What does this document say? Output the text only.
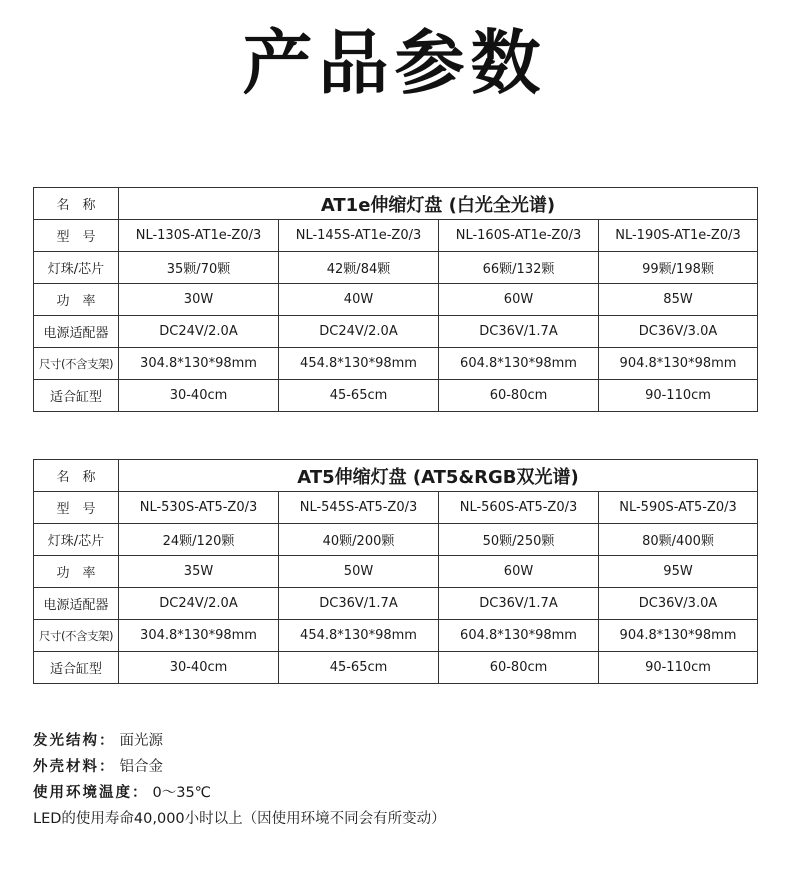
产品参数
名　称	AT1e伸缩灯盘 (白光全光谱)			
型　号	NL-130S-AT1e-Z0/3	NL-145S-AT1e-Z0/3	NL-160S-AT1e-Z0/3	NL-190S-AT1e-Z0/3
灯珠/芯片	35颗/70颗	42颗/84颗	66颗/132颗	99颗/198颗
功　率	30W	40W	60W	85W
电源适配器	DC24V/2.0A	DC24V/2.0A	DC36V/1.7A	DC36V/3.0A
尺寸(不含支架)	304.8*130*98mm	454.8*130*98mm	604.8*130*98mm	904.8*130*98mm
适合缸型	30-40cm	45-65cm	60-80cm	90-110cm
名　称	AT5伸缩灯盘 (AT5&RGB双光谱)			
型　号	NL-530S-AT5-Z0/3	NL-545S-AT5-Z0/3	NL-560S-AT5-Z0/3	NL-590S-AT5-Z0/3
灯珠/芯片	24颗/120颗	40颗/200颗	50颗/250颗	80颗/400颗
功　率	35W	50W	60W	95W
电源适配器	DC24V/2.0A	DC36V/1.7A	DC36V/1.7A	DC36V/3.0A
尺寸(不含支架)	304.8*130*98mm	454.8*130*98mm	604.8*130*98mm	904.8*130*98mm
适合缸型	30-40cm	45-65cm	60-80cm	90-110cm

发光结构： 面光源

外壳材料： 铝合金

使用环境温度： 0～35℃

LED的使用寿命40,000小时以上（因使用环境不同会有所变动）
